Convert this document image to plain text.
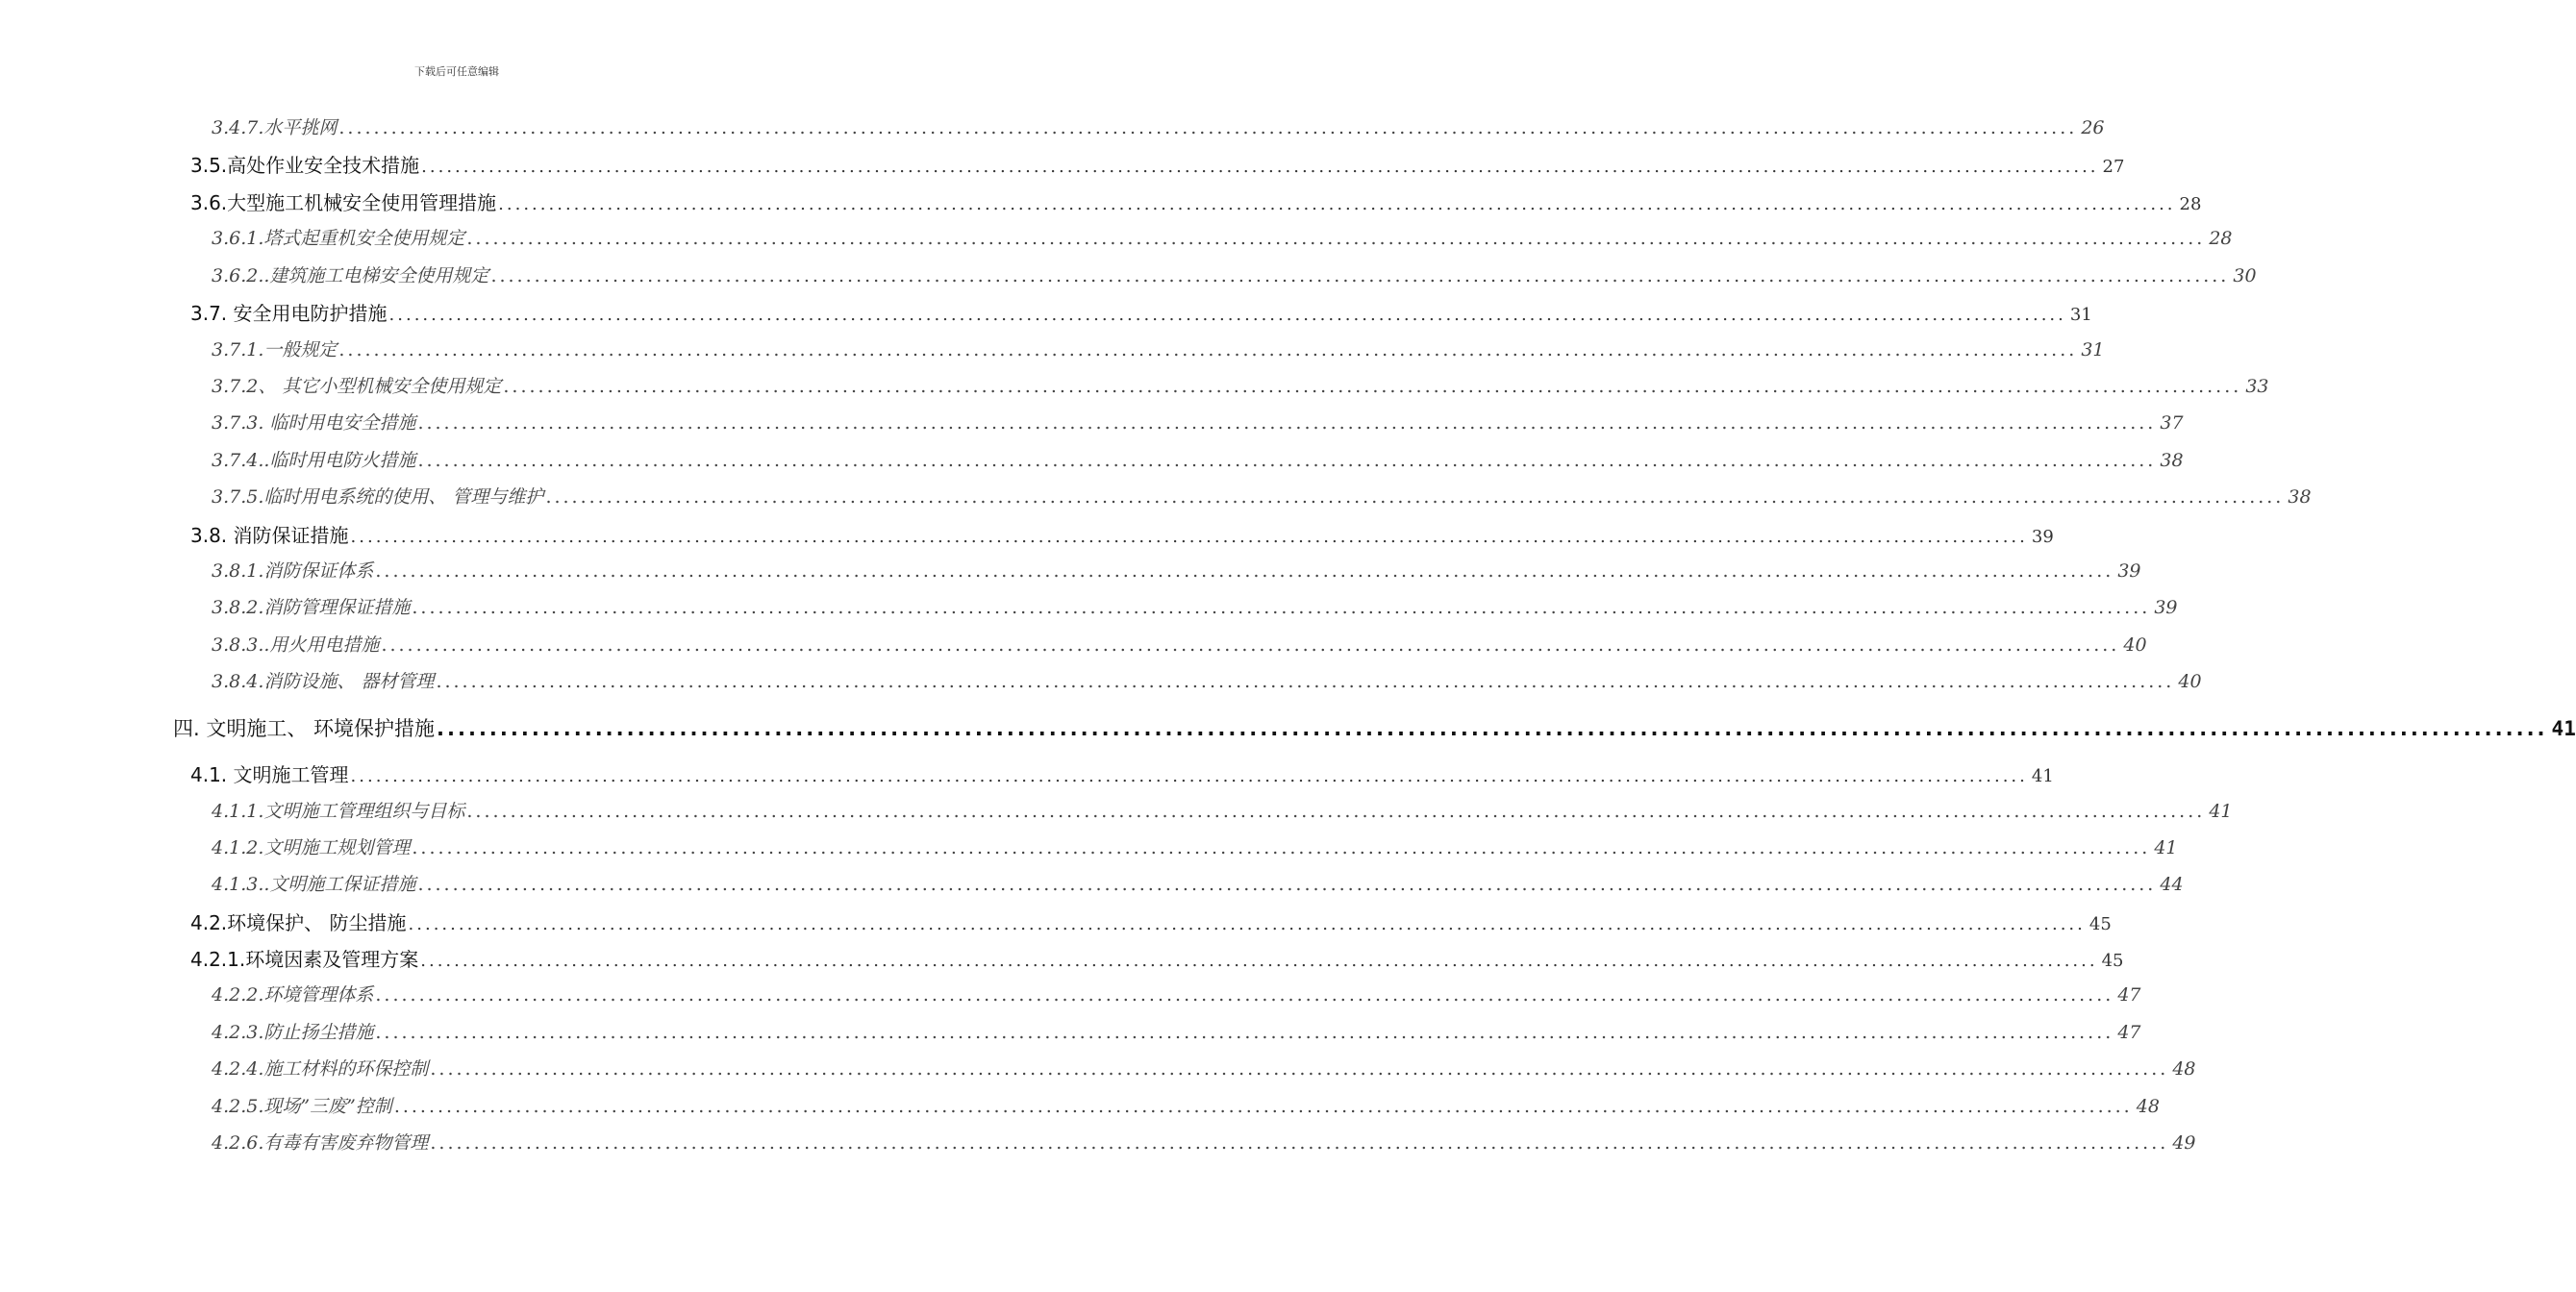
下载后可任意编辑
3.4.7.水平挑网 ........................................................................................................................................................................................................ 26
3.5.高处作业安全技术措施 ........................................................................................................................................................................................................ 27
3.6.大型施工机械安全使用管理措施 ........................................................................................................................................................................................................ 28
3.6.1.塔式起重机安全使用规定 ........................................................................................................................................................................................................ 28
3.6.2..建筑施工电梯安全使用规定 ........................................................................................................................................................................................................ 30
3.7. 安全用电防护措施 ........................................................................................................................................................................................................ 31
3.7.1.一般规定 ........................................................................................................................................................................................................ 31
3.7.2、 其它小型机械安全使用规定 ........................................................................................................................................................................................................ 33
3.7.3. 临时用电安全措施 ........................................................................................................................................................................................................ 37
3.7.4..临时用电防火措施 ........................................................................................................................................................................................................ 38
3.7.5.临时用电系统的使用、 管理与维护 ........................................................................................................................................................................................................ 38
3.8. 消防保证措施 ........................................................................................................................................................................................................ 39
3.8.1.消防保证体系 ........................................................................................................................................................................................................ 39
3.8.2.消防管理保证措施 ........................................................................................................................................................................................................ 39
3.8.3..用火用电措施 ........................................................................................................................................................................................................ 40
3.8.4.消防设施、 器材管理 ........................................................................................................................................................................................................ 40
四. 文明施工、 环境保护措施 ........................................................................................................................................................................................................ 41
4.1. 文明施工管理 ........................................................................................................................................................................................................ 41
4.1.1.文明施工管理组织与目标 ........................................................................................................................................................................................................ 41
4.1.2.文明施工规划管理 ........................................................................................................................................................................................................ 41
4.1.3..文明施工保证措施 ........................................................................................................................................................................................................ 44
4.2.环境保护、 防尘措施 ........................................................................................................................................................................................................ 45
4.2.1.环境因素及管理方案 ........................................................................................................................................................................................................ 45
4.2.2.环境管理体系 ........................................................................................................................................................................................................ 47
4.2.3.防止扬尘措施 ........................................................................................................................................................................................................ 47
4.2.4.施工材料的环保控制 ........................................................................................................................................................................................................ 48
4.2.5.现场”三废”控制 ........................................................................................................................................................................................................ 48
4.2.6.有毒有害废弃物管理 ........................................................................................................................................................................................................ 49
